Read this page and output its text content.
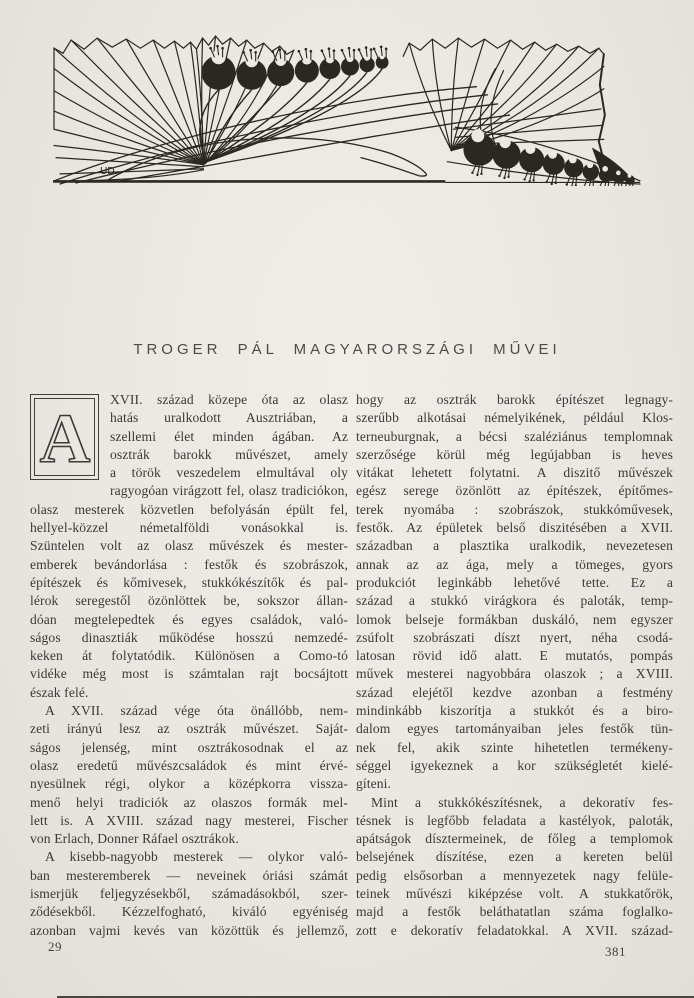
UD.
TROGER PÁL MAGYARORSZÁGI MŰVEI
A
XVII. század közepe óta az olasz
hatás uralkodott Ausztriában, a
szellemi élet minden ágában. Az
osztrák barokk művészet, amely
a török veszedelem elmultával oly
ragyogóan virágzott fel, olasz tradiciókon,
olasz mesterek közvetlen befolyásán épült fel,
hellyel-közzel németalföldi vonásokkal is.
Szüntelen volt az olasz művészek és mester-
emberek bevándorlása : festők és szobrászok,
építészek és kőmivesek, stukkókészítők és pal-
lérok seregestől özönlöttek be, sokszor állan-
dóan megtelepedtek és egyes családok, való-
ságos dinasztiák működése hosszú nemzedé-
keken át folytatódik. Különösen a Como-tó
vidéke még most is számtalan rajt bocsájtott
észak felé.
A XVII. század vége óta önállóbb, nem-
zeti irányú lesz az osztrák művészet. Saját-
ságos jelenség, mint osztrákosodnak el az
olasz eredetű művészcsaládok és mint érvé-
nyesülnek régi, olykor a középkorra vissza-
menő helyi tradiciók az olaszos formák mel-
lett is. A XVIII. század nagy mesterei, Fischer
von Erlach, Donner Ráfael osztrákok.
A kisebb-nagyobb mesterek — olykor való-
ban mesteremberek — neveinek óriási számát
ismerjük feljegyzésekből, számadásokból, szer-
ződésekből. Kézzelfogható, kiváló egyéniség
azonban vajmi kevés van közöttük és jellemző,
hogy az osztrák barokk építészet legnagy-
szerűbb alkotásai némelyikének, például Klos-
terneuburgnak, a bécsi szaléziánus templomnak
szerzősége körül még legújabban is heves
vitákat lehetett folytatni. A diszitő művészek
egész serege özönlött az építészek, építőmes-
terek nyomába : szobrászok, stukkóművesek,
festők. Az épületek belső diszitésében a XVII.
században a plasztika uralkodik, nevezetesen
annak az az ága, mely a tömeges, gyors
produkciót leginkább lehetővé tette. Ez a
század a stukkó virágkora és paloták, temp-
lomok belseje formákban duskáló, nem egyszer
zsúfolt szobrászati díszt nyert, néha csodá-
latosan rövid idő alatt. E mutatós, pompás
művek mesterei nagyobbára olaszok ; a XVIII.
század elejétől kezdve azonban a festmény
mindinkább kiszorítja a stukkót és a biro-
dalom egyes tartományaiban jeles festők tün-
nek fel, akik szinte hihetetlen termékeny-
séggel igyekeznek a kor szükségletét kielé-
gíteni.
Mint a stukkókészítésnek, a dekoratív fes-
tésnek is legfőbb feladata a kastélyok, paloták,
apátságok dísztermeinek, de főleg a templomok
belsejének díszítése, ezen a kereten belül
pedig elsősorban a mennyezetek nagy felüle-
teinek művészi kiképzése volt. A stukkatőrök,
majd a festők beláthatatlan száma foglalko-
zott e dekoratív feladatokkal. A XVII. század-
29	381
